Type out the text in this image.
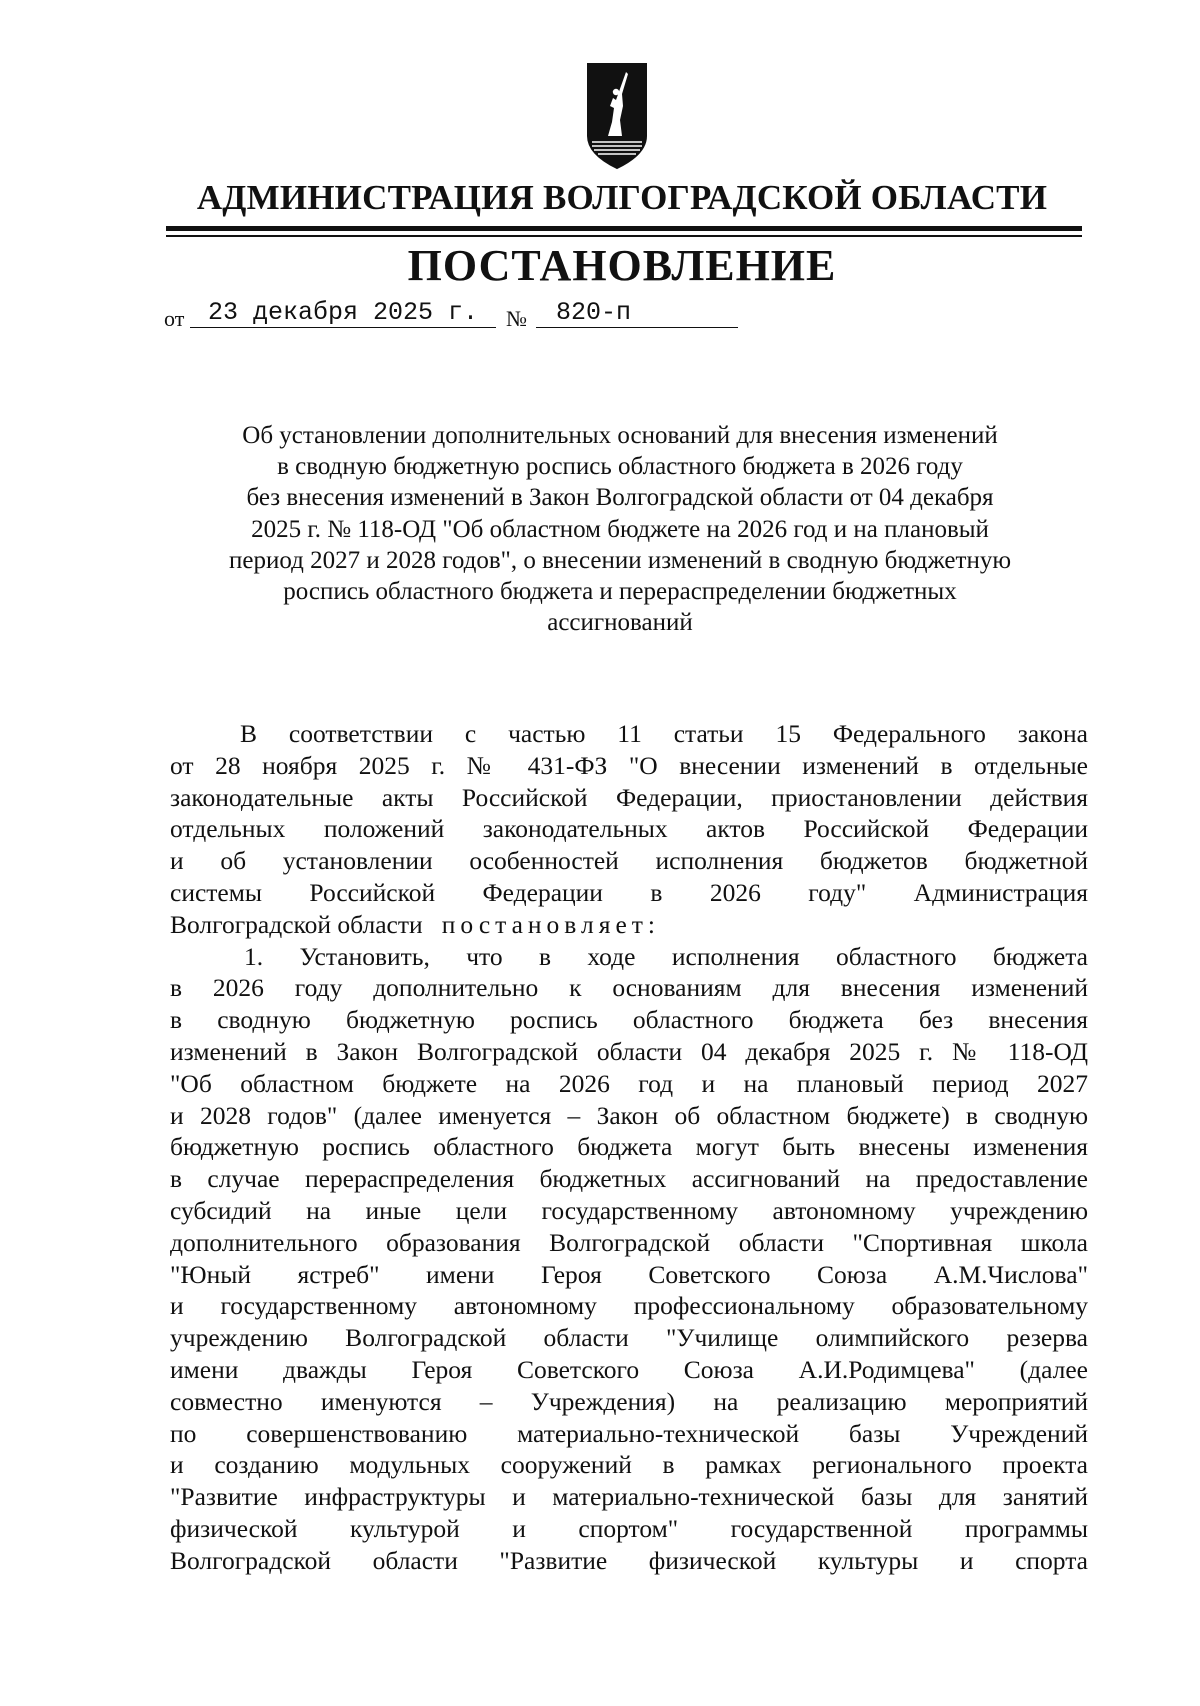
АДМИНИСТРАЦИЯ ВОЛГОГРАДСКОЙ ОБЛАСТИ
ПОСТАНОВЛЕНИЕ
от 23 декабря 2025 г. № 820-п
Об установлении дополнительных оснований для внесения изменений
в сводную бюджетную роспись областного бюджета в 2026 году
без внесения изменений в Закон Волгоградской области от 04 декабря
2025 г. № 118-ОД "Об областном бюджете на 2026 год и на плановый
период 2027 и 2028 годов", о внесении изменений в сводную бюджетную
роспись областного бюджета и перераспределении бюджетных
ассигнований
В соответствии с частью 11 статьи 15 Федерального закона
от 28 ноября 2025 г. № 431-ФЗ "О внесении изменений в отдельные
законодательные акты Российской Федерации, приостановлении действия
отдельных положений законодательных актов Российской Федерации
и об установлении особенностей исполнения бюджетов бюджетной
системы Российской Федерации в 2026 году" Администрация
Волгоградской области постановляет:
1. Установить, что в ходе исполнения областного бюджета
в 2026 году дополнительно к основаниям для внесения изменений
в сводную бюджетную роспись областного бюджета без внесения
изменений в Закон Волгоградской области 04 декабря 2025 г. № 118-ОД
"Об областном бюджете на 2026 год и на плановый период 2027
и 2028 годов" (далее именуется – Закон об областном бюджете) в сводную
бюджетную роспись областного бюджета могут быть внесены изменения
в случае перераспределения бюджетных ассигнований на предоставление
субсидий на иные цели государственному автономному учреждению
дополнительного образования Волгоградской области "Спортивная школа
"Юный ястреб" имени Героя Советского Союза А.М.Числова"
и государственному автономному профессиональному образовательному
учреждению Волгоградской области "Училище олимпийского резерва
имени дважды Героя Советского Союза А.И.Родимцева" (далее
совместно именуются – Учреждения) на реализацию мероприятий
по совершенствованию материально-технической базы Учреждений
и созданию модульных сооружений в рамках регионального проекта
"Развитие инфраструктуры и материально-технической базы для занятий
физической культурой и спортом" государственной программы
Волгоградской области "Развитие физической культуры и спорта
